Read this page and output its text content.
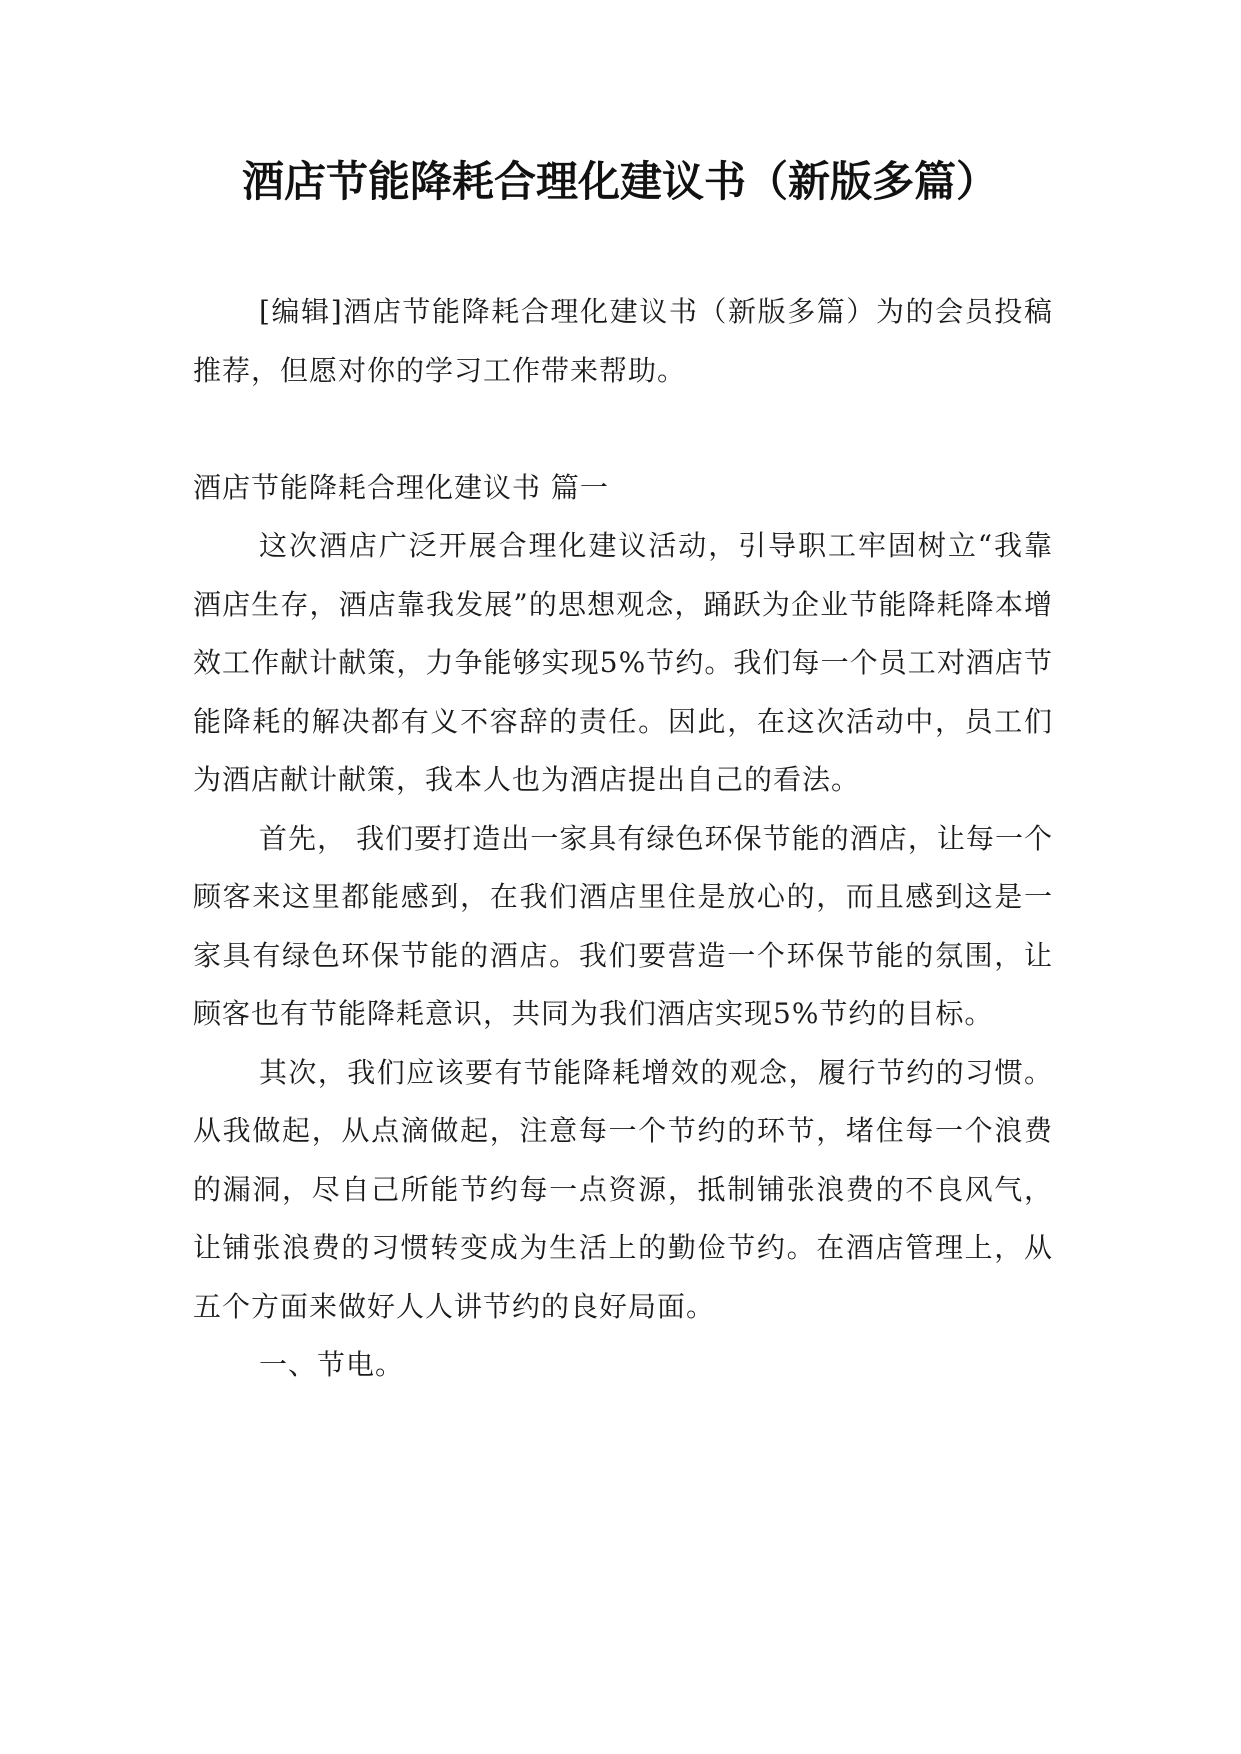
酒店节能降耗合理化建议书（新版多篇）

[编辑]酒店节能降耗合理化建议书（新版多篇）为的会员投稿推荐，但愿对你的学习工作带来帮助。

酒店节能降耗合理化建议书 篇一

这次酒店广泛开展合理化建议活动，引导职工牢固树立“我靠酒店生存，酒店靠我发展”的思想观念，踊跃为企业节能降耗降本增效工作献计献策，力争能够实现5%节约。我们每一个员工对酒店节能降耗的解决都有义不容辞的责任。因此，在这次活动中，员工们为酒店献计献策，我本人也为酒店提出自己的看法。

首先， 我们要打造出一家具有绿色环保节能的酒店，让每一个顾客来这里都能感到，在我们酒店里住是放心的，而且感到这是一家具有绿色环保节能的酒店。我们要营造一个环保节能的氛围，让顾客也有节能降耗意识，共同为我们酒店实现5%节约的目标。

其次，我们应该要有节能降耗增效的观念，履行节约的习惯。从我做起，从点滴做起，注意每一个节约的环节，堵住每一个浪费的漏洞，尽自己所能节约每一点资源，抵制铺张浪费的不良风气，让铺张浪费的习惯转变成为生活上的勤俭节约。在酒店管理上，从五个方面来做好人人讲节约的良好局面。

一、节电。
